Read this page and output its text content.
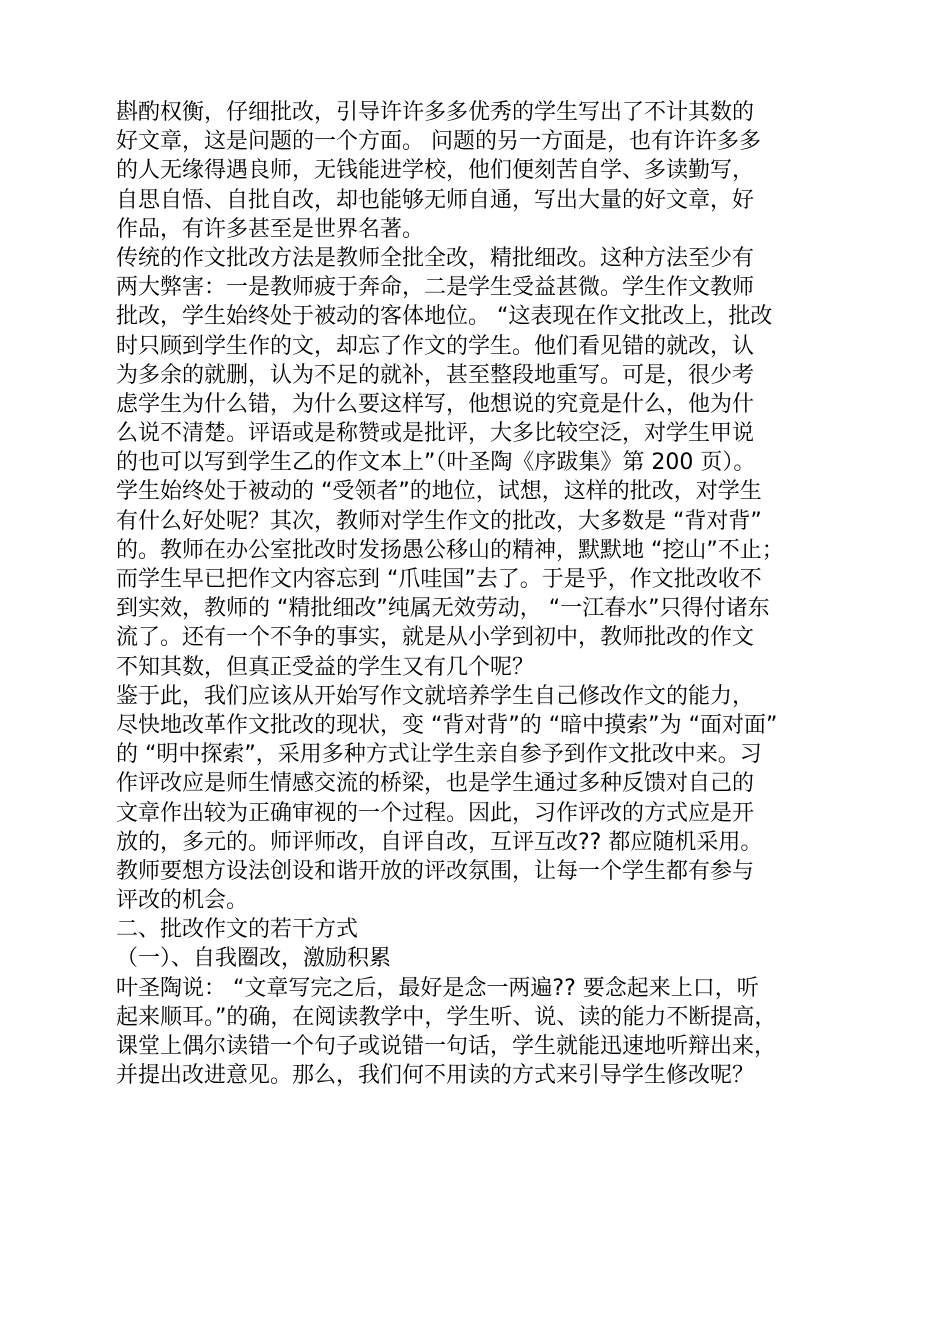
斟酌权衡，仔细批改，引导许许多多优秀的学生写出了不计其数的
好文章，这是问题的一个方面。 问题的另一方面是，也有许许多多
的人无缘得遇良师，无钱能进学校，他们便刻苦自学、多读勤写，
自思自悟、自批自改，却也能够无师自通，写出大量的好文章，好
作品，有许多甚至是世界名著。
传统的作文批改方法是教师全批全改，精批细改。这种方法至少有
两大弊害：一是教师疲于奔命，二是学生受益甚微。学生作文教师
批改，学生始终处于被动的客体地位。 “这表现在作文批改上，批改
时只顾到学生作的文，却忘了作文的学生。他们看见错的就改，认
为多余的就删，认为不足的就补，甚至整段地重写。可是，很少考
虑学生为什么错，为什么要这样写，他想说的究竟是什么，他为什
么说不清楚。评语或是称赞或是批评，大多比较空泛，对学生甲说
的也可以写到学生乙的作文本上”（叶圣陶《序跋集》第 200 页）。
学生始终处于被动的 “受领者”的地位，试想，这样的批改，对学生
有什么好处呢？其次，教师对学生作文的批改，大多数是 “背对背”
的。教师在办公室批改时发扬愚公移山的精神，默默地 “挖山”不止；
而学生早已把作文内容忘到 “爪哇国”去了。于是乎，作文批改收不
到实效，教师的 “精批细改”纯属无效劳动， “一江春水”只得付诸东
流了。还有一个不争的事实，就是从小学到初中，教师批改的作文
不知其数，但真正受益的学生又有几个呢？
鉴于此，我们应该从开始写作文就培养学生自己修改作文的能力，
尽快地改革作文批改的现状，变 “背对背”的 “暗中摸索”为 “面对面”
的 “明中探索”，采用多种方式让学生亲自参予到作文批改中来。习
作评改应是师生情感交流的桥梁，也是学生通过多种反馈对自己的
文章作出较为正确审视的一个过程。因此，习作评改的方式应是开
放的，多元的。师评师改，自评自改，互评互改?? 都应随机采用。
教师要想方设法创设和谐开放的评改氛围，让每一个学生都有参与
评改的机会。
二、批改作文的若干方式
（一）、自我圈改，激励积累
叶圣陶说： “文章写完之后，最好是念一两遍?? 要念起来上口，听
起来顺耳。”的确，在阅读教学中，学生听、说、读的能力不断提高，
课堂上偶尔读错一个句子或说错一句话，学生就能迅速地听辩出来，
并提出改进意见。那么，我们何不用读的方式来引导学生修改呢？
